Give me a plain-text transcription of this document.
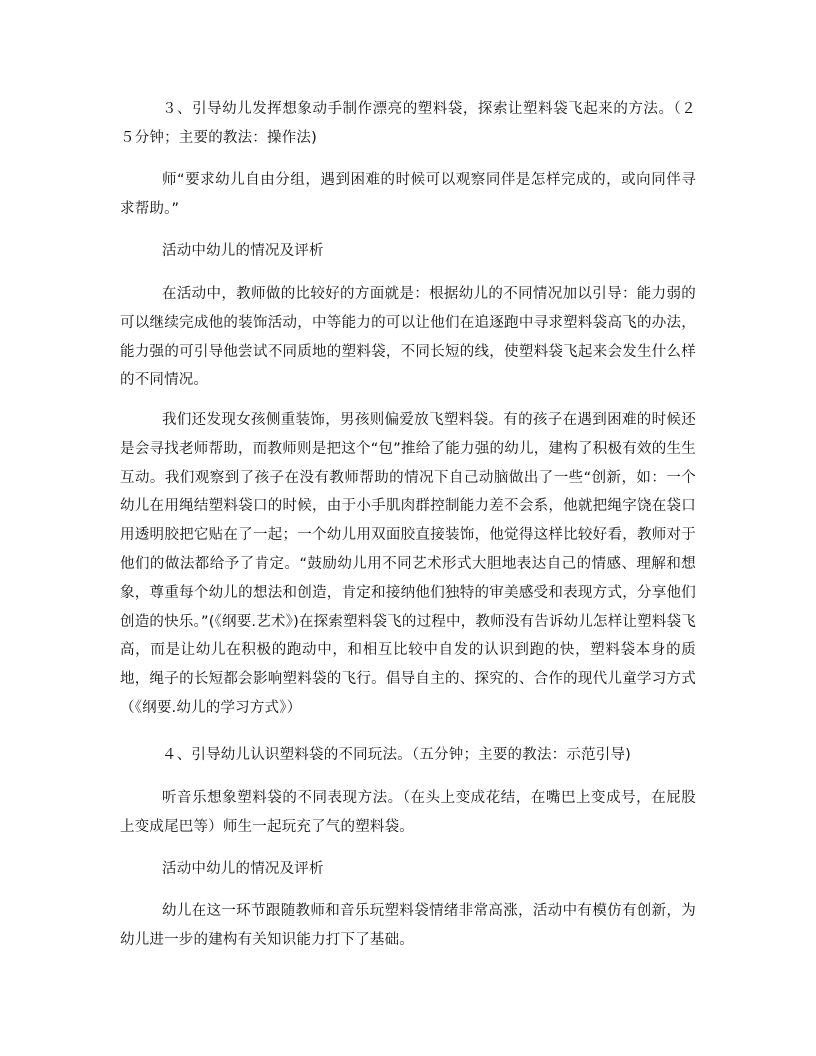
３、引导幼儿发挥想象动手制作漂亮的塑料袋，探索让塑料袋飞起来的方法。（２５分钟；主要的教法：操作法)

师“要求幼儿自由分组，遇到困难的时候可以观察同伴是怎样完成的，或向同伴寻求帮助。”

活动中幼儿的情况及评析

在活动中，教师做的比较好的方面就是：根据幼儿的不同情况加以引导：能力弱的可以继续完成他的装饰活动，中等能力的可以让他们在追逐跑中寻求塑料袋高飞的办法，能力强的可引导他尝试不同质地的塑料袋，不同长短的线，使塑料袋飞起来会发生什么样的不同情况。

我们还发现女孩侧重装饰，男孩则偏爱放飞塑料袋。有的孩子在遇到困难的时候还是会寻找老师帮助，而教师则是把这个“包”推给了能力强的幼儿，建构了积极有效的生生互动。我们观察到了孩子在没有教师帮助的情况下自己动脑做出了一些“创新，如：一个幼儿在用绳结塑料袋口的时候，由于小手肌肉群控制能力差不会系，他就把绳字饶在袋口用透明胶把它贴在了一起；一个幼儿用双面胶直接装饰，他觉得这样比较好看，教师对于他们的做法都给予了肯定。“鼓励幼儿用不同艺术形式大胆地表达自己的情感、理解和想象，尊重每个幼儿的想法和创造，肯定和接纳他们独特的审美感受和表现方式，分享他们创造的快乐。”(《纲要.艺术》)在探索塑料袋飞的过程中，教师没有告诉幼儿怎样让塑料袋飞高，而是让幼儿在积极的跑动中，和相互比较中自发的认识到跑的快，塑料袋本身的质地，绳子的长短都会影响塑料袋的飞行。倡导自主的、探究的、合作的现代儿童学习方式（《纲要.幼儿的学习方式》）

４、引导幼儿认识塑料袋的不同玩法。（五分钟；主要的教法：示范引导)

听音乐想象塑料袋的不同表现方法。（在头上变成花结，在嘴巴上变成号，在屁股上变成尾巴等）师生一起玩充了气的塑料袋。

活动中幼儿的情况及评析

幼儿在这一环节跟随教师和音乐玩塑料袋情绪非常高涨，活动中有模仿有创新，为幼儿进一步的建构有关知识能力打下了基础。
